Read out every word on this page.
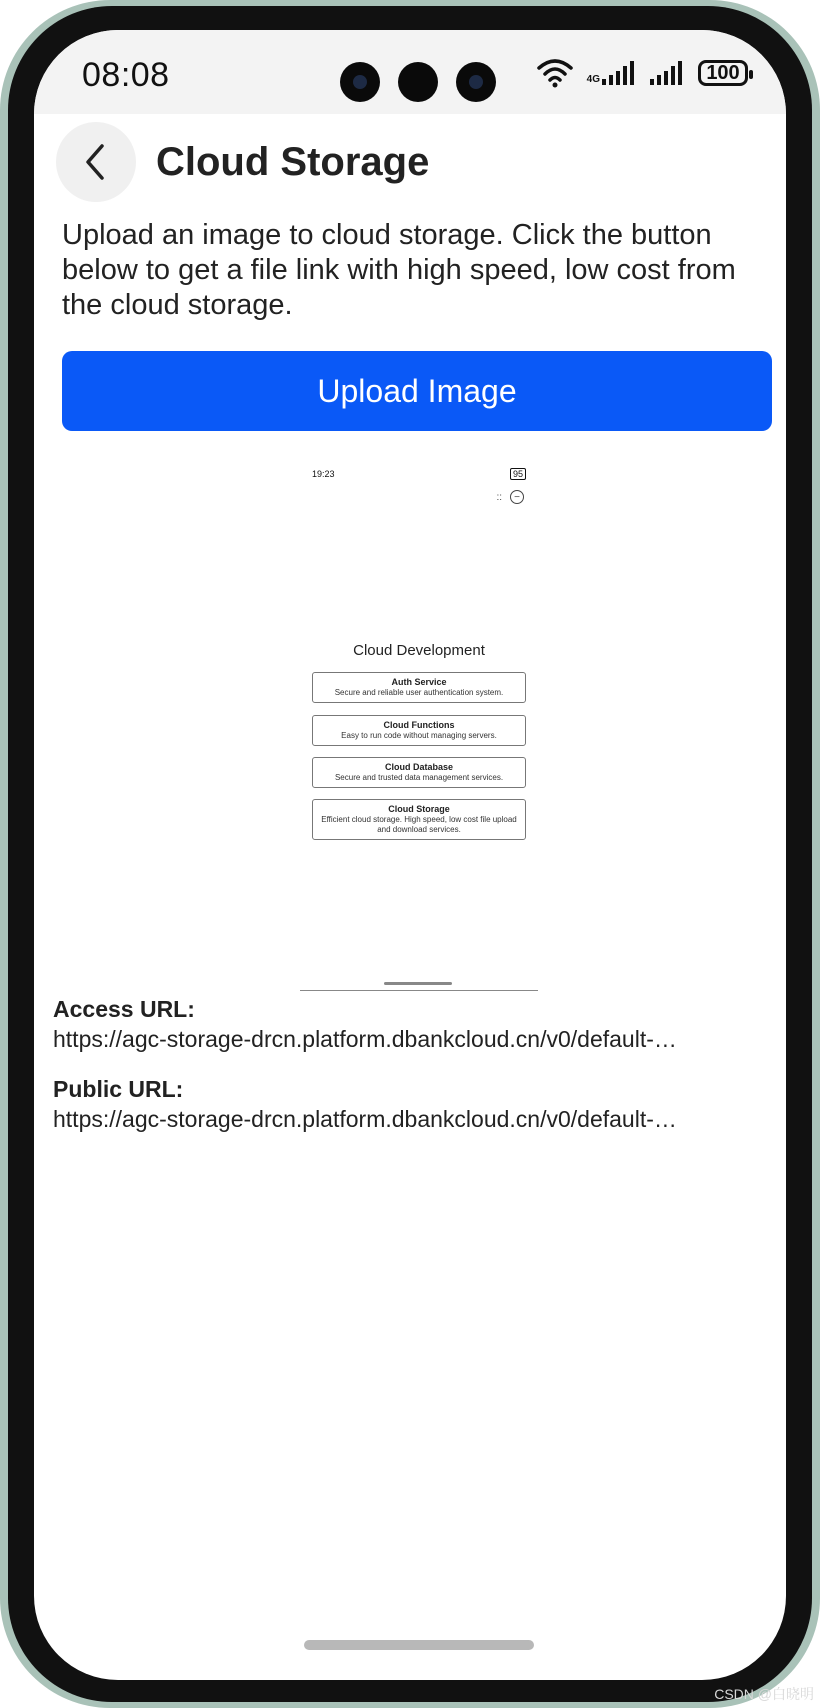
08:08	4G	100
Cloud Storage
Upload an image to cloud storage. Click the button below to get a file link with high speed, low cost from the cloud storage.
Upload Image
19:23	95
::	−
Cloud Development
Auth Service
Secure and reliable user authentication system.
Cloud Functions
Easy to run code without managing servers.
Cloud Database
Secure and trusted data management services.
Cloud Storage
Efficient cloud storage. High speed, low cost file upload and download services.
Access URL:
https://agc-storage-drcn.platform.dbankcloud.cn/v0/default-…
Public URL:
https://agc-storage-drcn.platform.dbankcloud.cn/v0/default-…
CSDN @白晓明
